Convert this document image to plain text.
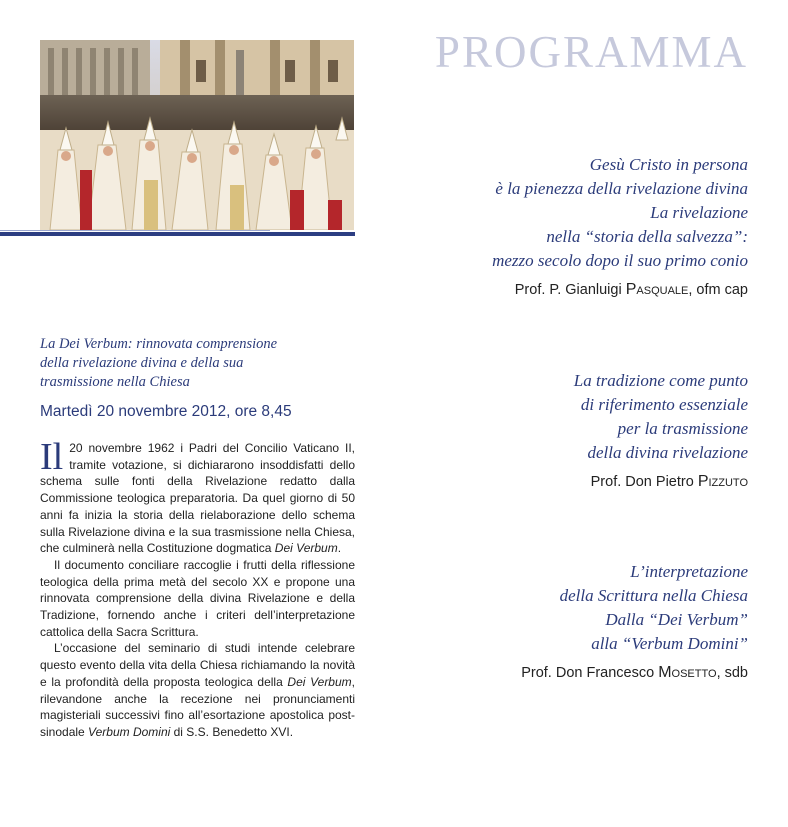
PROGRAMMA
Gesù Cristo in persona
è la pienezza della rivelazione divina
La rivelazione
nella “storia della salvezza”:
mezzo secolo dopo il suo primo conio
Prof. P. Gianluigi Pasquale, ofm cap
La tradizione come punto
di riferimento essenziale
per la trasmissione
della divina rivelazione
Prof. Don Pietro Pizzuto
L’interpretazione
della Scrittura nella Chiesa
Dalla “Dei Verbum”
alla “Verbum Domini”
Prof. Don Francesco Mosetto, sdb
La Dei Verbum: rinnovata comprensione
della rivelazione divina e della sua
trasmissione nella Chiesa
Martedì 20 novembre 2012, ore 8,45

Il 20 novembre 1962 i Padri del Concilio Vaticano II, tramite votazione, si dichiararono insoddisfatti dello schema sulle fonti della Rivelazione redatto dalla Commissione teologica preparatoria. Da quel giorno di 50 anni fa inizia la storia della rielaborazione dello schema sulla Rivelazione divina e la sua trasmissione nella Chiesa, che culminerà nella Costituzione dogmatica Dei Verbum.

Il documento conciliare raccoglie i frutti della riflessione teologica della prima metà del secolo XX e propone una rinnovata comprensione della divina Rivelazione e della Tradizione, fornendo anche i criteri dell’interpretazione cattolica della Sacra Scrittura.

L’occasione del seminario di studi intende celebrare questo evento della vita della Chiesa richiamando la novità e la profondità della proposta teologica della Dei Verbum, rilevandone anche la recezione nei pronunciamenti magisteriali successivi fino all’esortazione apostolica post-sinodale Verbum Domini di S.S. Benedetto XVI.
